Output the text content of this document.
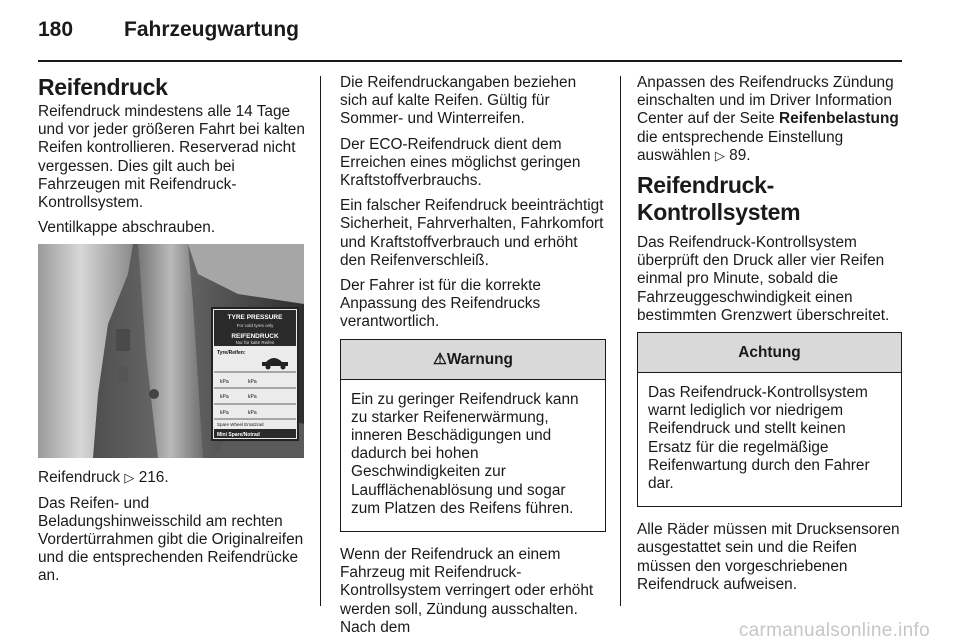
180	Fahrzeugwartung
Reifendruck

Reifendruck mindestens alle 14 Tage und vor jeder größeren Fahrt bei kalten Reifen kontrollieren. Reserverad nicht vergessen. Dies gilt auch bei Fahrzeugen mit Reifendruck-Kontrollsystem.

Ventilkappe abschrauben.

TYRE PRESSURE
For cold tyres only
REIFENDRUCK
Nur für kalte Reifen
Tyre/Reifen:
kPa	kPa
kPa	kPa
kPa	kPa
Spare Wheel Ersatzrad
Mini Spare/Notrad

Reifendruck ▷ 216.

Das Reifen- und Beladungshinweisschild am rechten Vordertürrahmen gibt die Originalreifen und die entsprechenden Reifendrücke an.

Die Reifendruckangaben beziehen sich auf kalte Reifen. Gültig für Sommer- und Winterreifen.

Der ECO-Reifendruck dient dem Erreichen eines möglichst geringen Kraftstoffverbrauchs.

Ein falscher Reifendruck beeinträchtigt Sicherheit, Fahrverhalten, Fahrkomfort und Kraftstoffverbrauch und erhöht den Reifenverschleiß.

Der Fahrer ist für die korrekte Anpassung des Reifendrucks verantwortlich.

⚠Warnung
Ein zu geringer Reifendruck kann zu starker Reifenerwärmung, inneren Beschädigungen und dadurch bei hohen Geschwindigkeiten zur Laufflächenablösung und sogar zum Platzen des Reifens führen.

Wenn der Reifendruck an einem Fahrzeug mit Reifendruck-Kontrollsystem verringert oder erhöht werden soll, Zündung ausschalten. Nach dem

Anpassen des Reifendrucks Zündung einschalten und im Driver Information Center auf der Seite Reifenbelastung die entsprechende Einstellung auswählen ▷ 89.

Reifendruck-Kontrollsystem

Das Reifendruck-Kontrollsystem überprüft den Druck aller vier Reifen einmal pro Minute, sobald die Fahrzeuggeschwindigkeit einen bestimmten Grenzwert überschreitet.

Achtung
Das Reifendruck-Kontrollsystem warnt lediglich vor niedrigem Reifendruck und stellt keinen Ersatz für die regelmäßige Reifenwartung durch den Fahrer dar.

Alle Räder müssen mit Drucksensoren ausgestattet sein und die Reifen müssen den vorgeschriebenen Reifendruck aufweisen.

carmanualsonline.info
